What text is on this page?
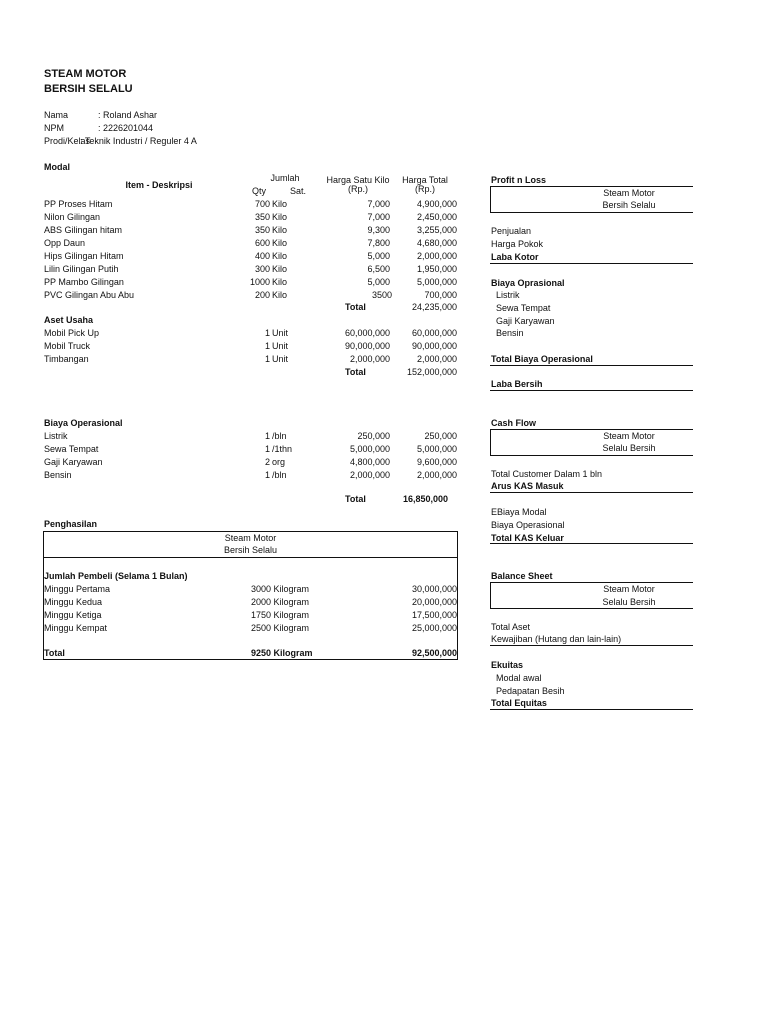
STEAM MOTOR
BERSIH SELALU
Nama	: Roland Ashar
NPM	: 2226201044
Prodi/Kelas
: Teknik Industri / Reguler 4 A
Modal
Item - Deskripsi
Jumlah
Qty	Sat.
Harga Satu Kilo
(Rp.)
Harga Total
(Rp.)
PP Proses Hitam	700 Kilo	7,000	4,900,000
Nilon Gilingan	350 Kilo	7,000	2,450,000
ABS Gilingan hitam	350 Kilo	9,300	3,255,000
Opp Daun	600 Kilo	7,800	4,680,000
Hips Gilingan Hitam	400 Kilo	5,000	2,000,000
Lilin Gilingan Putih	300 Kilo	6,500	1,950,000
PP Mambo Gilingan	1000 Kilo	5,000	5,000,000
PVC Gilingan Abu Abu	200 Kilo	3500	700,000
Total	24,235,000
Aset Usaha
Mobil Pick Up	1 Unit	60,000,000	60,000,000
Mobil Truck	1 Unit	90,000,000	90,000,000
Timbangan	1 Unit	2,000,000	2,000,000
Total	152,000,000
Biaya Operasional
Listrik	1 /bln	250,000	250,000
Sewa Tempat	1 /1thn	5,000,000	5,000,000
Gaji Karyawan	2 org	4,800,000	9,600,000
Bensin	1 /bln	2,000,000	2,000,000
Total	16,850,000
Penghasilan
Steam Motor
Bersih Selalu
Jumlah Pembeli (Selama 1 Bulan)
Minggu Pertama	3000 Kilogram	30,000,000
Minggu Kedua	2000 Kilogram	20,000,000
Minggu Ketiga	1750 Kilogram	17,500,000
Minggu Kempat	2500 Kilogram	25,000,000
Total	9250 Kilogram	92,500,000
Profit n Loss
Steam Motor
Bersih Selalu
Penjualan
Harga Pokok
Laba Kotor
Biaya Oprasional
Listrik
Sewa Tempat
Gaji Karyawan
Bensin
Total Biaya Operasional
Laba Bersih
Cash Flow
Steam Motor
Selalu Bersih
Total Customer Dalam 1 bln
Arus KAS Masuk
EBiaya Modal
Biaya Operasional
Total KAS Keluar
Balance Sheet
Steam Motor
Selalu Bersih
Total Aset
Kewajiban (Hutang dan lain-lain)
Ekuitas
Modal awal
Pedapatan Besih
Total Equitas
